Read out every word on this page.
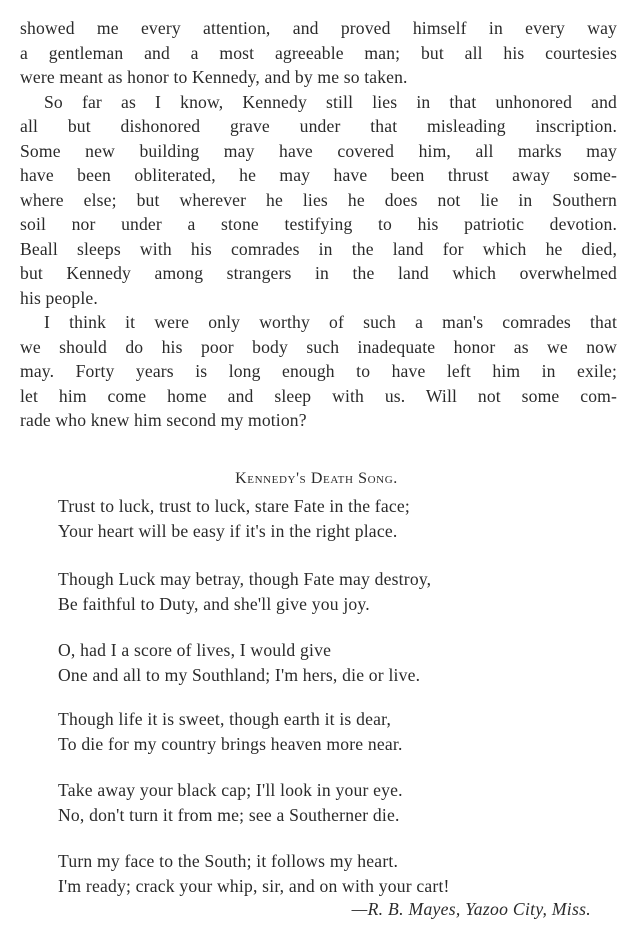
showed me every attention, and proved himself in every way

a gentleman and a most agreeable man; but all his courtesies

were meant as honor to Kennedy, and by me so taken.

So far as I know, Kennedy still lies in that unhonored and

all but dishonored grave under that misleading inscription.

Some new building may have covered him, all marks may

have been obliterated, he may have been thrust away some-

where else; but wherever he lies he does not lie in Southern

soil nor under a stone testifying to his patriotic devotion.

Beall sleeps with his comrades in the land for which he died,

but Kennedy among strangers in the land which overwhelmed

his people.

I think it were only worthy of such a man's comrades that

we should do his poor body such inadequate honor as we now

may. Forty years is long enough to have left him in exile;

let him come home and sleep with us. Will not some com-

rade who knew him second my motion?

Kennedy's Death Song.
Trust to luck, trust to luck, stare Fate in the face;
Your heart will be easy if it's in the right place.
Though Luck may betray, though Fate may destroy,
Be faithful to Duty, and she'll give you joy.
O, had I a score of lives, I would give
One and all to my Southland; I'm hers, die or live.
Though life it is sweet, though earth it is dear,
To die for my country brings heaven more near.
Take away your black cap; I'll look in your eye.
No, don't turn it from me; see a Southerner die.
Turn my face to the South; it follows my heart.
I'm ready; crack your whip, sir, and on with your cart!
—R. B. Mayes, Yazoo City, Miss.
